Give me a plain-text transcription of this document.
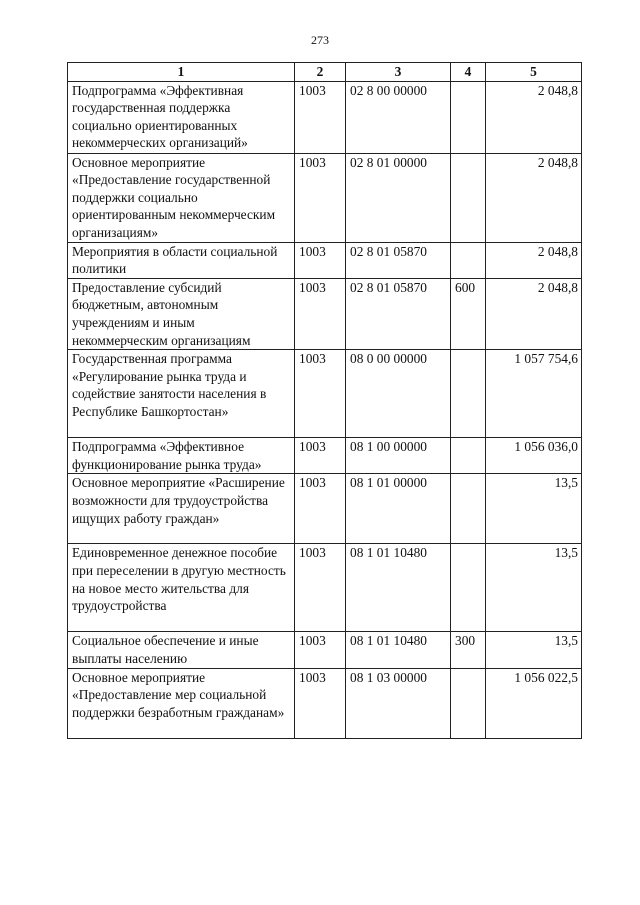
273
1	2	3	4	5
Подпрограмма «Эффективная государственная поддержка социально ориентированных некоммерческих организаций»	1003	02 8 00 00000		2 048,8
Основное мероприятие «Предоставление государственной поддержки социально ориентированным некоммерческим организациям»	1003	02 8 01 00000		2 048,8
Мероприятия в области социальной политики	1003	02 8 01 05870		2 048,8
Предоставление субсидий бюджетным, автономным учреждениям и иным некоммерческим организациям	1003	02 8 01 05870	600	2 048,8
Государственная программа «Регулирование рынка труда и содействие занятости населения в Республике Башкортостан»	1003	08 0 00 00000		1 057 754,6
Подпрограмма «Эффективное функционирование рынка труда»	1003	08 1 00 00000		1 056 036,0
Основное мероприятие «Расширение возможности для трудоустройства ищущих работу граждан»	1003	08 1 01 00000		13,5
Единовременное денежное пособие при переселении в другую местность на новое место жительства для трудоустройства	1003	08 1 01 10480		13,5
Социальное обеспечение и иные выплаты населению	1003	08 1 01 10480	300	13,5
Основное мероприятие «Предоставление мер социальной поддержки безработным гражданам»	1003	08 1 03 00000		1 056 022,5
